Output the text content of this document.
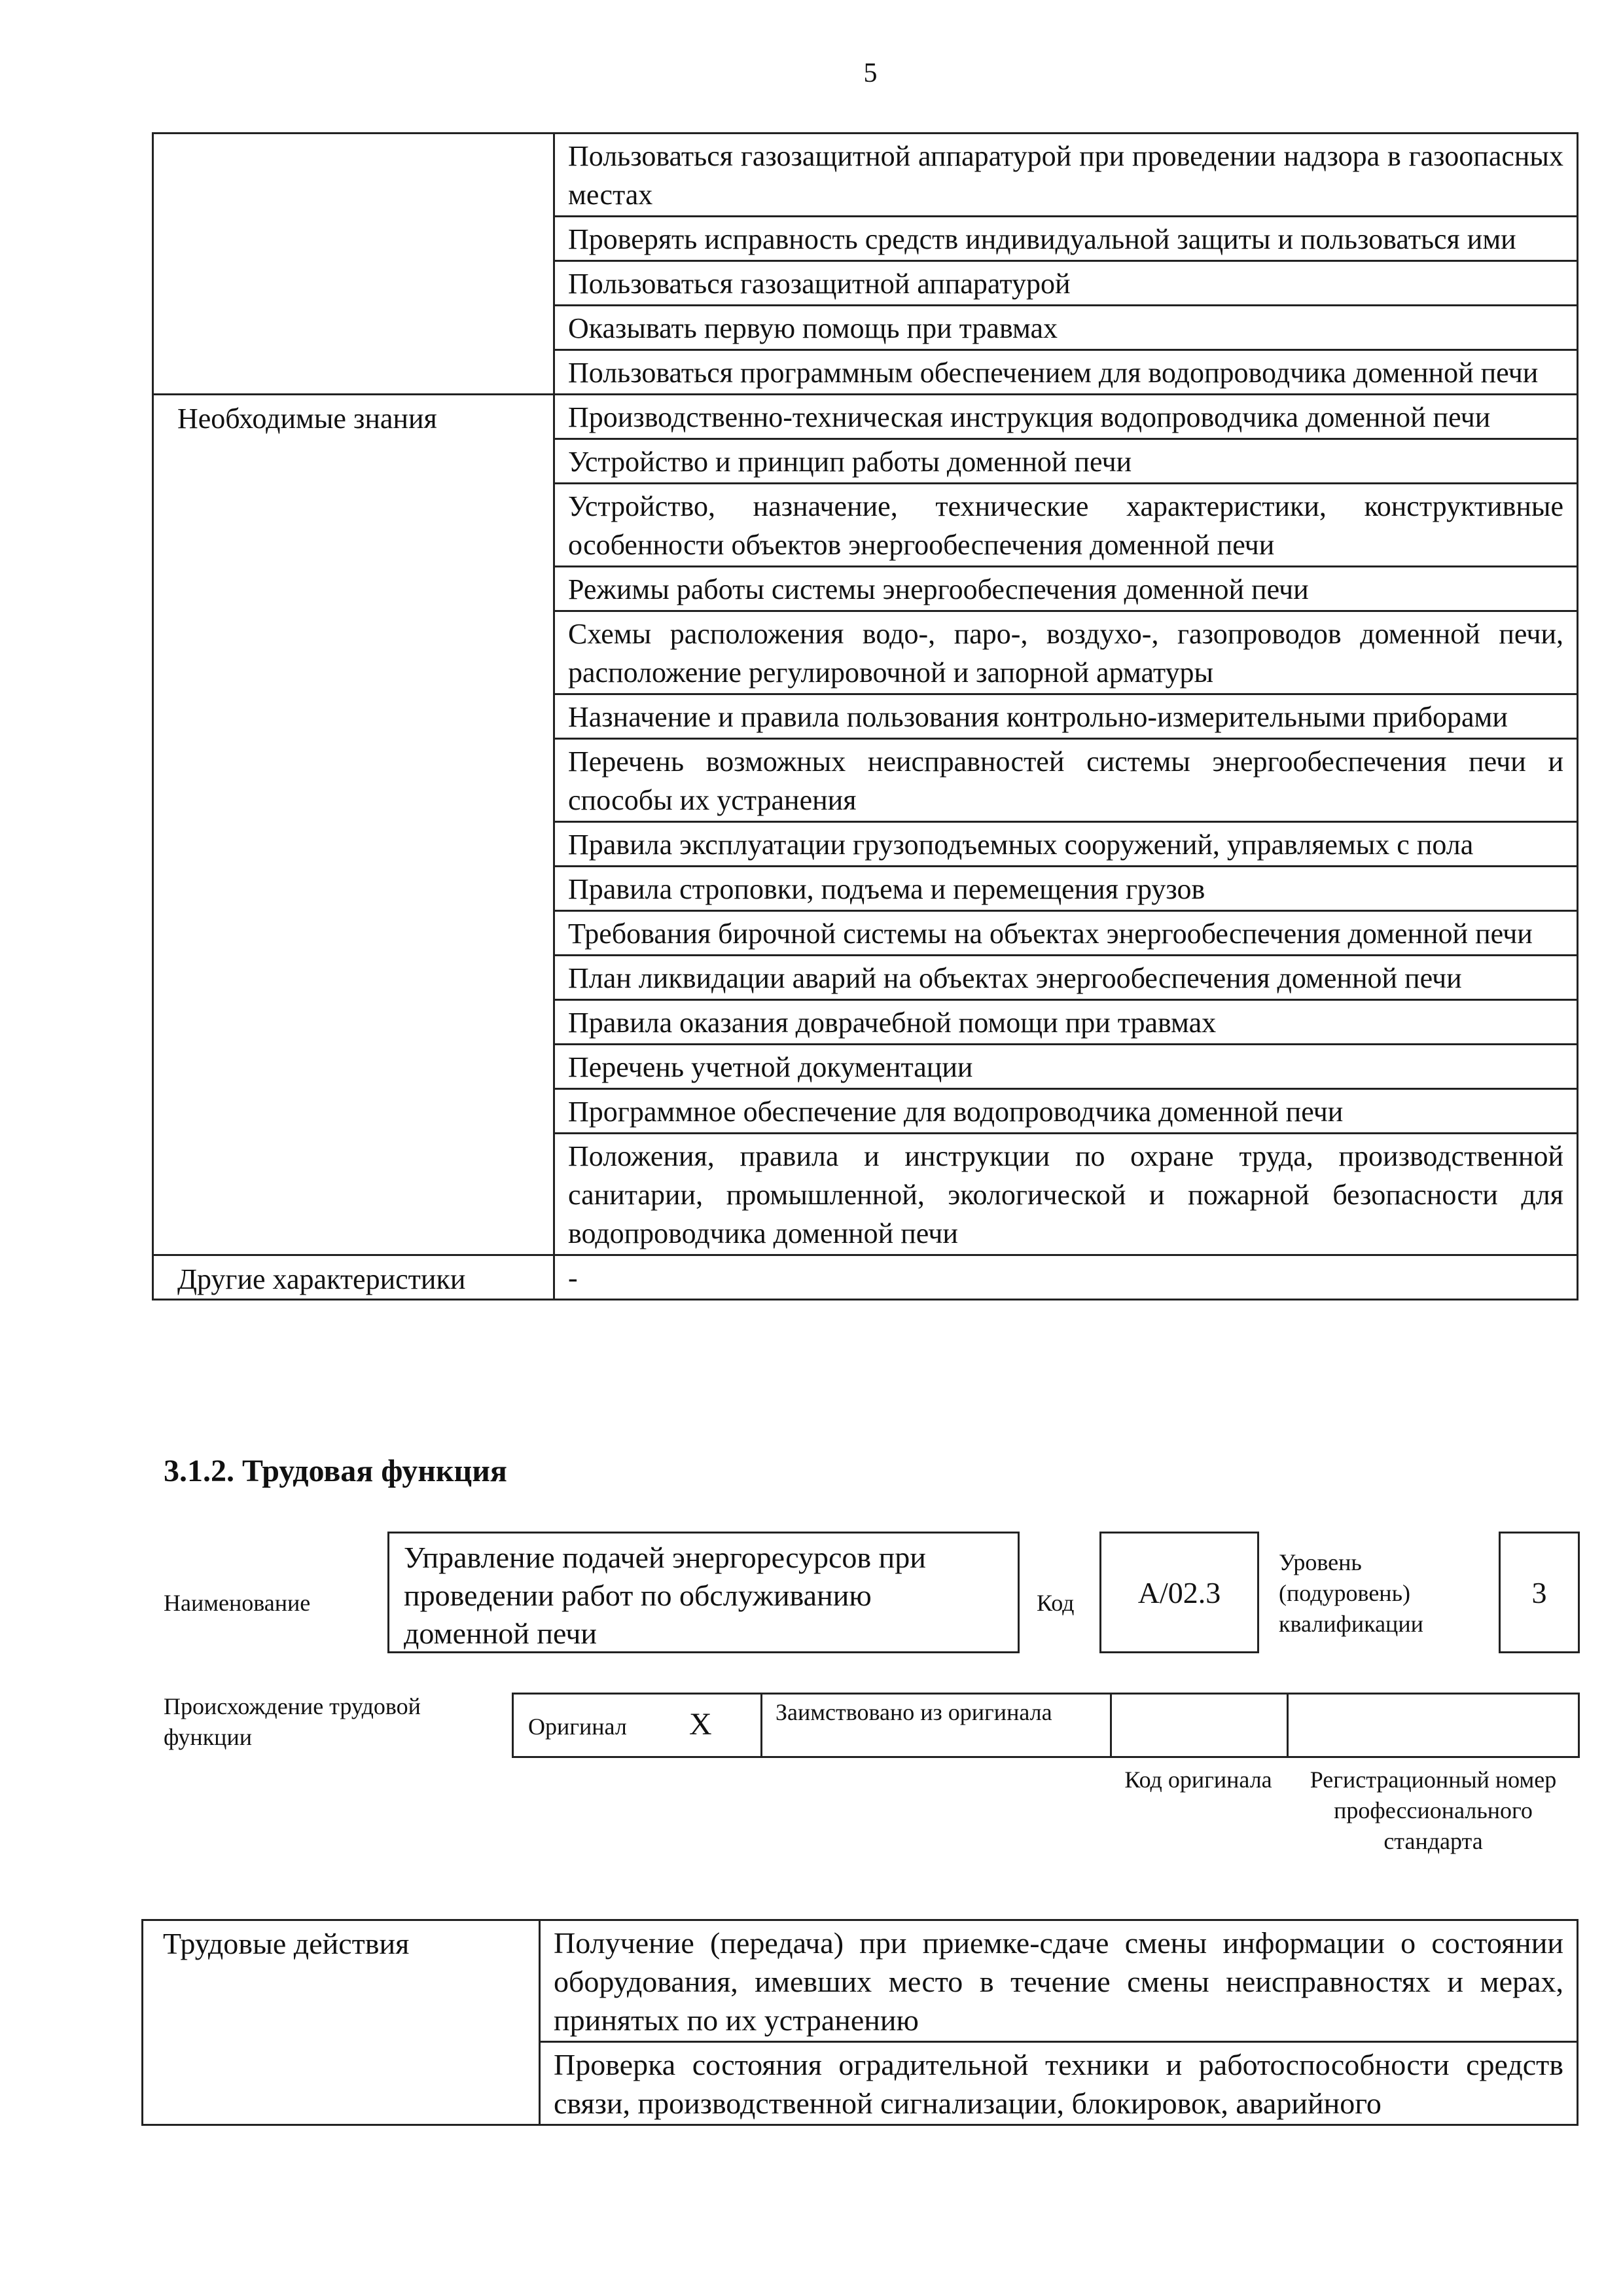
5
	Пользоваться газозащитной аппаратурой при проведении надзора в газоопасных местах
	Проверять исправность средств индивидуальной защиты и пользоваться ими
	Пользоваться газозащитной аппаратурой
	Оказывать первую помощь при травмах
	Пользоваться программным обеспечением для водопроводчика доменной печи
Необходимые знания	Производственно-техническая инструкция водопроводчика доменной печи
	Устройство и принцип работы доменной печи
	Устройство, назначение, технические характеристики, конструктивные особенности объектов энергообеспечения доменной печи
	Режимы работы системы энергообеспечения доменной печи
	Схемы расположения водо-, паро-, воздухо-, газопроводов доменной печи, расположение регулировочной и запорной арматуры
	Назначение и правила пользования контрольно-измерительными приборами
	Перечень возможных неисправностей системы энергообеспечения печи и способы их устранения
	Правила эксплуатации грузоподъемных сооружений, управляемых с пола
	Правила строповки, подъема и перемещения грузов
	Требования бирочной системы на объектах энергообеспечения доменной печи
	План ликвидации аварий на объектах энергообеспечения доменной печи
	Правила оказания доврачебной помощи при травмах
	Перечень учетной документации
	Программное обеспечение для водопроводчика доменной печи
	Положения, правила и инструкции по охране труда, производственной санитарии, промышленной, экологической и пожарной безопасности для водопроводчика доменной печи
Другие характеристики	-
3.1.2. Трудовая функция
Наименование
Управление подачей энергоресурсов при проведении работ по обслуживанию доменной печи
Код	А/02.3
Уровень (подуровень) квалификации
3
Происхождение трудовой функции	Оригинал X	Заимствовано из оригинала
Код оригинала	Регистрационный номер профессионального стандарта
Трудовые действия	Получение (передача) при приемке-сдаче смены информации о состоянии оборудования, имевших место в течение смены неисправностях и мерах, принятых по их устранению
Проверка состояния оградительной техники и работоспособности средств связи, производственной сигнализации, блокировок, аварийного
